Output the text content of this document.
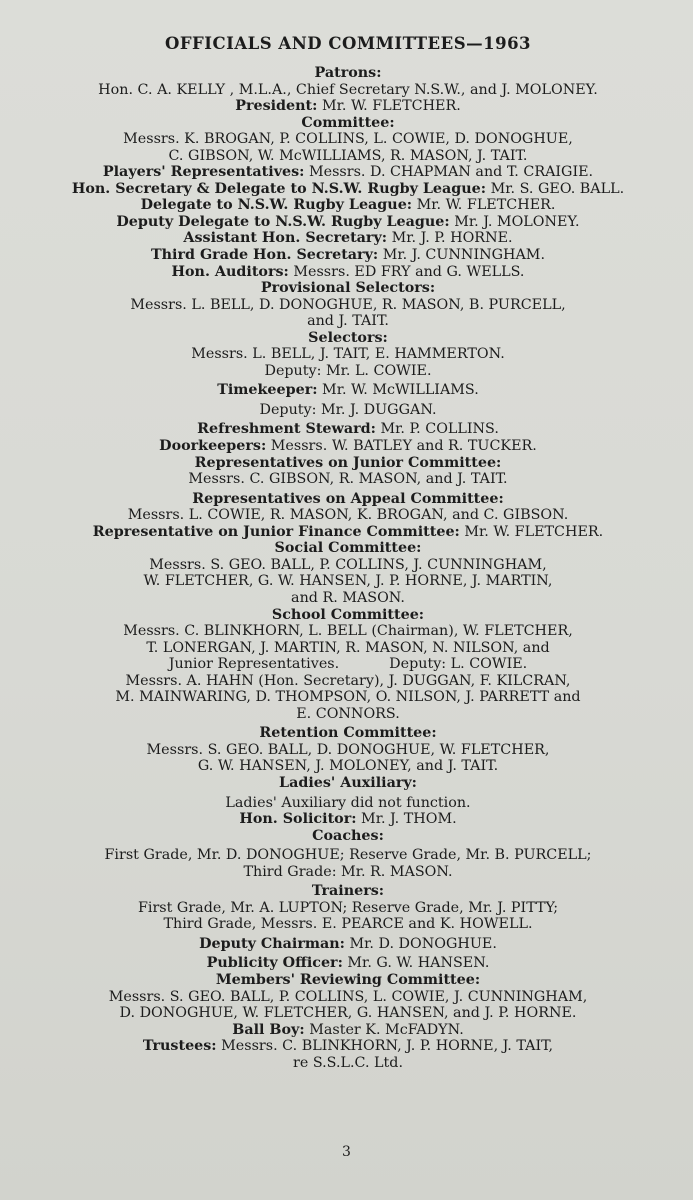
OFFICIALS AND COMMITTEES—1963
Patrons:
Hon. C. A. KELLY , M.L.A., Chief Secretary N.S.W., and J. MOLONEY.
President: Mr. W. FLETCHER.
Committee:
Messrs. K. BROGAN, P. COLLINS, L. COWIE, D. DONOGHUE,
C. GIBSON, W. McWILLIAMS, R. MASON, J. TAIT.
Players' Representatives: Messrs. D. CHAPMAN and T. CRAIGIE.
Hon. Secretary & Delegate to N.S.W. Rugby League: Mr. S. GEO. BALL.
Delegate to N.S.W. Rugby League: Mr. W. FLETCHER.
Deputy Delegate to N.S.W. Rugby League: Mr. J. MOLONEY.
Assistant Hon. Secretary: Mr. J. P. HORNE.
Third Grade Hon. Secretary: Mr. J. CUNNINGHAM.
Hon. Auditors: Messrs. ED FRY and G. WELLS.
Provisional Selectors:
Messrs. L. BELL, D. DONOGHUE, R. MASON, B. PURCELL,
and J. TAIT.
Selectors:
Messrs. L. BELL, J. TAIT, E. HAMMERTON.
Deputy: Mr. L. COWIE.
Timekeeper: Mr. W. McWILLIAMS.
Deputy: Mr. J. DUGGAN.
Refreshment Steward: Mr. P. COLLINS.
Doorkeepers: Messrs. W. BATLEY and R. TUCKER.
Representatives on Junior Committee:
Messrs. C. GIBSON, R. MASON, and J. TAIT.
Representatives on Appeal Committee:
Messrs. L. COWIE, R. MASON, K. BROGAN, and C. GIBSON.
Representative on Junior Finance Committee: Mr. W. FLETCHER.
Social Committee:
Messrs. S. GEO. BALL, P. COLLINS, J. CUNNINGHAM,
W. FLETCHER, G. W. HANSEN, J. P. HORNE, J. MARTIN,
and R. MASON.
School Committee:
Messrs. C. BLINKHORN, L. BELL (Chairman), W. FLETCHER,
T. LONERGAN, J. MARTIN, R. MASON, N. NILSON, and
Junior Representatives.           Deputy: L. COWIE.
Messrs. A. HAHN (Hon. Secretary), J. DUGGAN, F. KILCRAN,
M. MAINWARING, D. THOMPSON, O. NILSON, J. PARRETT and
E. CONNORS.
Retention Committee:
Messrs. S. GEO. BALL, D. DONOGHUE, W. FLETCHER,
G. W. HANSEN, J. MOLONEY, and J. TAIT.
Ladies' Auxiliary:
Ladies' Auxiliary did not function.
Hon. Solicitor: Mr. J. THOM.
Coaches:
First Grade, Mr. D. DONOGHUE; Reserve Grade, Mr. B. PURCELL;
Third Grade: Mr. R. MASON.
Trainers:
First Grade, Mr. A. LUPTON; Reserve Grade, Mr. J. PITTY;
Third Grade, Messrs. E. PEARCE and K. HOWELL.
Deputy Chairman: Mr. D. DONOGHUE.
Publicity Officer: Mr. G. W. HANSEN.
Members' Reviewing Committee:
Messrs. S. GEO. BALL, P. COLLINS, L. COWIE, J. CUNNINGHAM,
D. DONOGHUE, W. FLETCHER, G. HANSEN, and J. P. HORNE.
Ball Boy: Master K. McFADYN.
Trustees: Messrs. C. BLINKHORN, J. P. HORNE, J. TAIT,
re S.S.L.C. Ltd.
3
